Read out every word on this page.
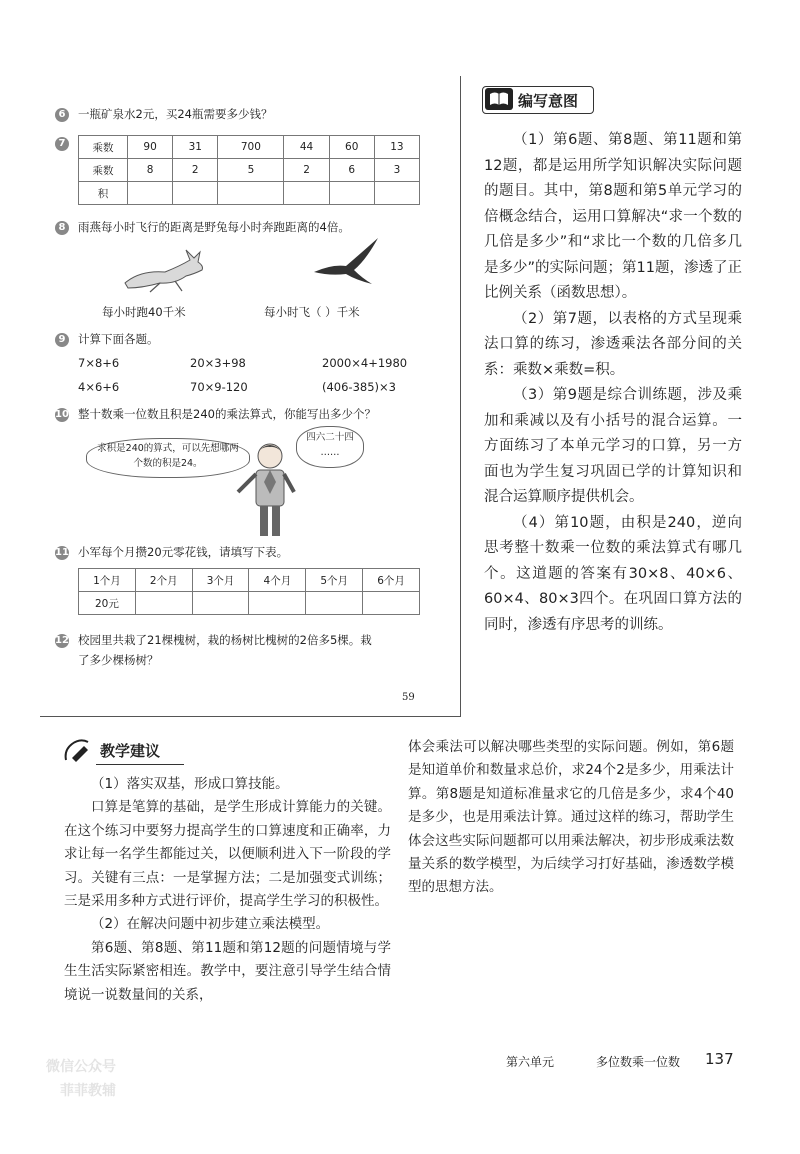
6	一瓶矿泉水2元，买24瓶需要多少钱？
7	乘数	90	31	700	44	60	13
乘数	8	2	5	2	6	3
积						
8	雨燕每小时飞行的距离是野兔每小时奔跑距离的4倍。
每小时跑40千米	每小时飞（ ）千米
9	计算下面各题。
7×8+6	20×3+98	2000×4+1980
4×6+6	70×9-120	(406-385)×3
10 整十数乘一位数且积是240的乘法算式，你能写出多少个？
求积是240的算式，可以先想哪两个数的积是24。
四六二十四
……
11 小军每个月攒20元零花钱，请填写下表。
1个月	2个月	3个月	4个月	5个月	6个月
20元					
12 校园里共栽了21棵槐树，栽的杨树比槐树的2倍多5棵。栽
了多少棵杨树？
59
编写意图

（1）第6题、第8题、第11题和第12题，都是运用所学知识解决实际问题的题目。其中，第8题和第5单元学习的倍概念结合，运用口算解决“求一个数的几倍是多少”和“求比一个数的几倍多几是多少”的实际问题；第11题，渗透了正比例关系（函数思想）。

（2）第7题，以表格的方式呈现乘法口算的练习，渗透乘法各部分间的关系：乘数×乘数=积。

（3）第9题是综合训练题，涉及乘加和乘减以及有小括号的混合运算。一方面练习了本单元学习的口算，另一方面也为学生复习巩固已学的计算知识和混合运算顺序提供机会。

（4）第10题，由积是240，逆向思考整十数乘一位数的乘法算式有哪几个。这道题的答案有30×8、40×6、60×4、80×3四个。在巩固口算方法的同时，渗透有序思考的训练。

教学建议

（1）落实双基，形成口算技能。

口算是笔算的基础，是学生形成计算能力的关键。在这个练习中要努力提高学生的口算速度和正确率，力求让每一名学生都能过关，以便顺利进入下一阶段的学习。关键有三点：一是掌握方法；二是加强变式训练；三是采用多种方式进行评价，提高学生学习的积极性。

（2）在解决问题中初步建立乘法模型。

第6题、第8题、第11题和第12题的问题情境与学生生活实际紧密相连。教学中，要注意引导学生结合情境说一说数量间的关系，

体会乘法可以解决哪些类型的实际问题。例如，第6题是知道单价和数量求总价，求24个2是多少，用乘法计算。第8题是知道标准量求它的几倍是多少，求4个40是多少，也是用乘法计算。通过这样的练习，帮助学生体会这些实际问题都可以用乘法解决，初步形成乘法数量关系的数学模型，为后续学习打好基础，渗透数学模型的思想方法。

第六单元	多位数乘一位数 137
微信公众号
菲菲教辅
